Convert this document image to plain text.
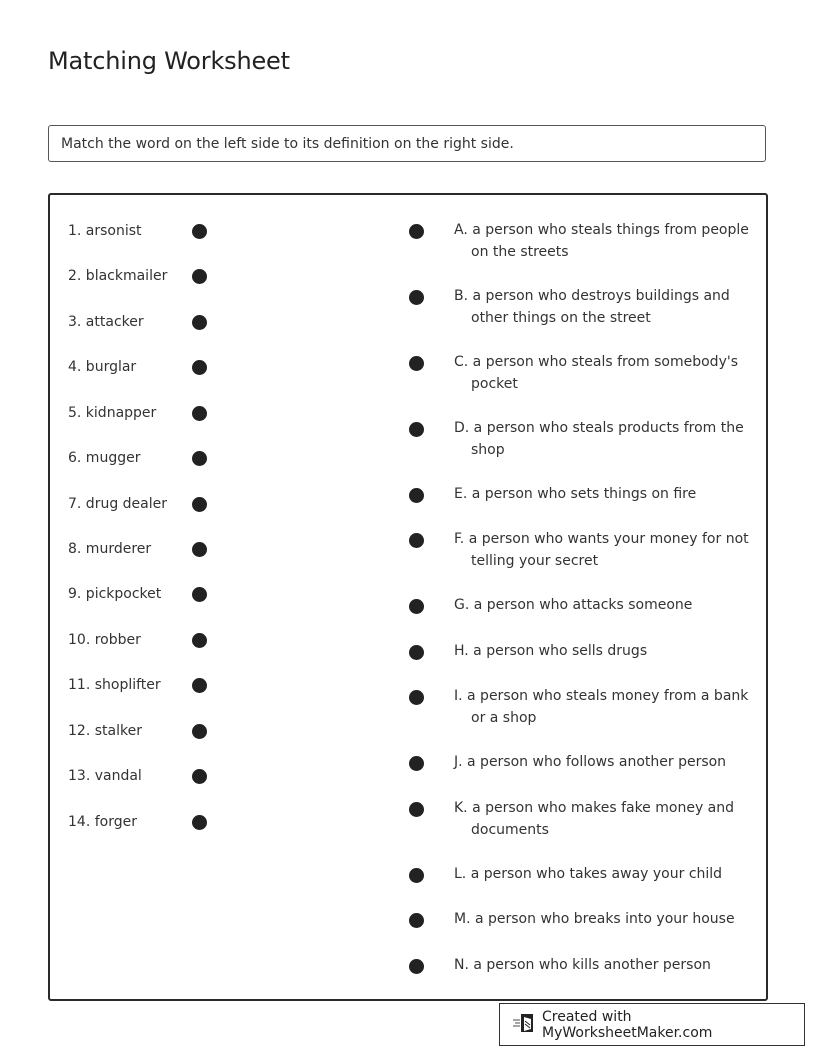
Matching Worksheet
Match the word on the left side to its definition on the right side.
1. arsonist
2. blackmailer
3. attacker
4. burglar
5. kidnapper
6. mugger
7. drug dealer
8. murderer
9. pickpocket
10. robber
11. shoplifter
12. stalker
13. vandal
14. forger
A. a person who steals things from people on the streets
B. a person who destroys buildings and other things on the street
C. a person who steals from somebody's pocket
D. a person who steals products from the shop
E. a person who sets things on fire
F. a person who wants your money for not telling your secret
G. a person who attacks someone
H. a person who sells drugs
I. a person who steals money from a bank or a shop
J. a person who follows another person
K. a person who makes fake money and documents
L. a person who takes away your child
M. a person who breaks into your house
N. a person who kills another person
Created with MyWorksheetMaker.com
